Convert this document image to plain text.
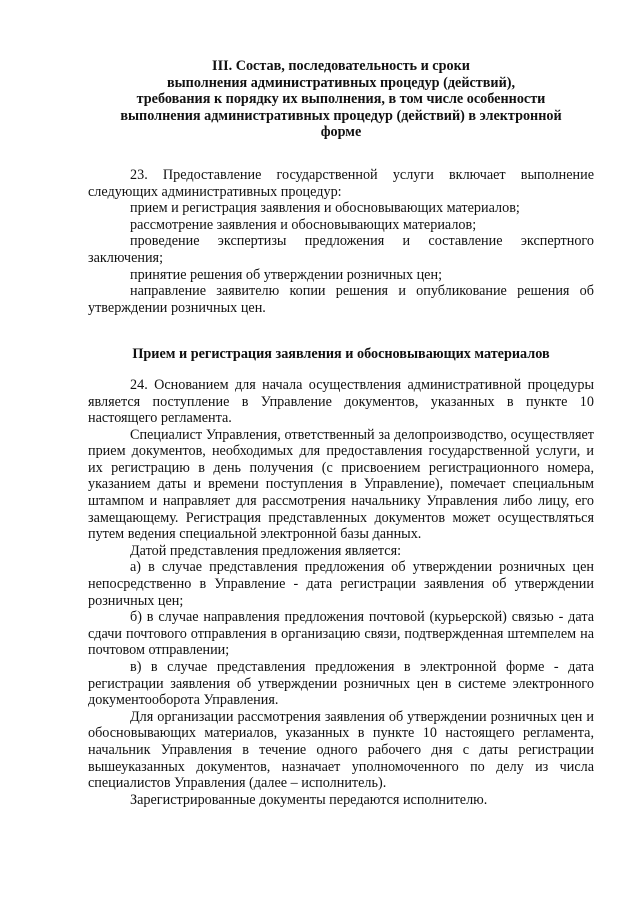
III. Состав, последовательность и сроки
выполнения административных процедур (действий),
требования к порядку их выполнения, в том числе особенности
выполнения административных процедур (действий) в электронной
форме

23. Предоставление государственной услуги включает выполнение следующих административных процедур:

прием и регистрация заявления и обосновывающих материалов;

рассмотрение заявления и обосновывающих материалов;

проведение экспертизы предложения и составление экспертного заключения;

принятие решения об утверждении розничных цен;

направление заявителю копии решения и опубликование решения об утверждении розничных цен.

Прием и регистрация заявления и обосновывающих материалов

24. Основанием для начала осуществления административной процедуры является поступление в Управление документов, указанных в пункте 10 настоящего регламента.

Специалист Управления, ответственный за делопроизводство, осуществляет прием документов, необходимых для предоставления государственной услуги, и их регистрацию в день получения (с присвоением регистрационного номера, указанием даты и времени поступления в Управление), помечает специальным штампом и направляет для рассмотрения начальнику Управления либо лицу, его замещающему. Регистрация представленных документов может осуществляться путем ведения специальной электронной базы данных.

Датой представления предложения является:

а) в случае представления предложения об утверждении розничных цен непосредственно в Управление - дата регистрации заявления об утверждении розничных цен;

б) в случае направления предложения почтовой (курьерской) связью - дата сдачи почтового отправления в организацию связи, подтвержденная штемпелем на почтовом отправлении;

в) в случае представления предложения в электронной форме - дата регистрации заявления об утверждении розничных цен в системе электронного документооборота Управления.

Для организации рассмотрения заявления об утверждении розничных цен и обосновывающих материалов, указанных в пункте 10 настоящего регламента, начальник Управления в течение одного рабочего дня с даты регистрации вышеуказанных документов, назначает уполномоченного по делу из числа специалистов Управления (далее – исполнитель).

Зарегистрированные документы передаются исполнителю.
